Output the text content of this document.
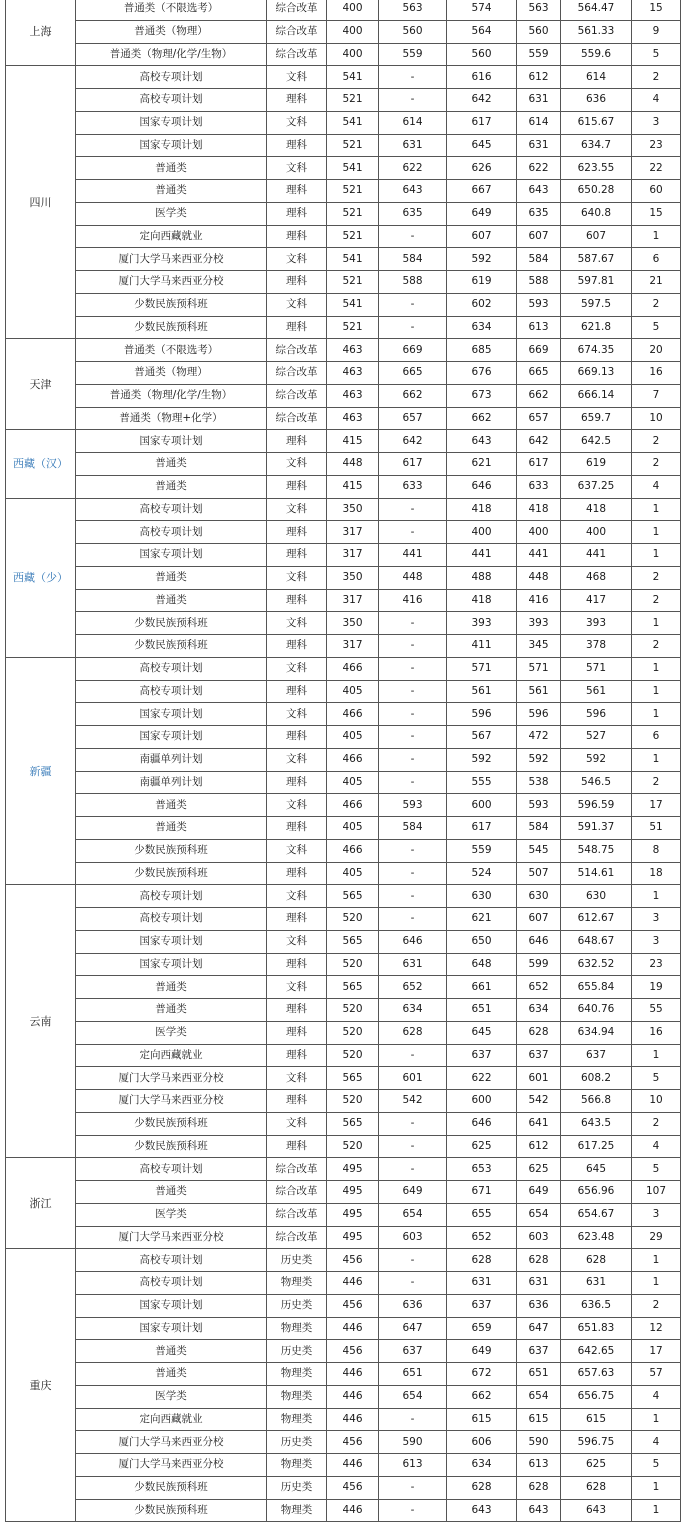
上海	普通类（不限选考）	综合改革	400	563	574	563	564.47	15
	普通类（物理）	综合改革	400	560	564	560	561.33	9
	普通类（物理/化学/生物）	综合改革	400	559	560	559	559.6	5
四川	高校专项计划	文科	541	-	616	612	614	2
	高校专项计划	理科	521	-	642	631	636	4
	国家专项计划	文科	541	614	617	614	615.67	3
	国家专项计划	理科	521	631	645	631	634.7	23
	普通类	文科	541	622	626	622	623.55	22
	普通类	理科	521	643	667	643	650.28	60
	医学类	理科	521	635	649	635	640.8	15
	定向西藏就业	理科	521	-	607	607	607	1
	厦门大学马来西亚分校	文科	541	584	592	584	587.67	6
	厦门大学马来西亚分校	理科	521	588	619	588	597.81	21
	少数民族预科班	文科	541	-	602	593	597.5	2
	少数民族预科班	理科	521	-	634	613	621.8	5
天津	普通类（不限选考）	综合改革	463	669	685	669	674.35	20
	普通类（物理）	综合改革	463	665	676	665	669.13	16
	普通类（物理/化学/生物）	综合改革	463	662	673	662	666.14	7
	普通类（物理+化学）	综合改革	463	657	662	657	659.7	10
西藏（汉）	国家专项计划	理科	415	642	643	642	642.5	2
	普通类	文科	448	617	621	617	619	2
	普通类	理科	415	633	646	633	637.25	4
西藏（少）	高校专项计划	文科	350	-	418	418	418	1
	高校专项计划	理科	317	-	400	400	400	1
	国家专项计划	理科	317	441	441	441	441	1
	普通类	文科	350	448	488	448	468	2
	普通类	理科	317	416	418	416	417	2
	少数民族预科班	文科	350	-	393	393	393	1
	少数民族预科班	理科	317	-	411	345	378	2
新疆	高校专项计划	文科	466	-	571	571	571	1
	高校专项计划	理科	405	-	561	561	561	1
	国家专项计划	文科	466	-	596	596	596	1
	国家专项计划	理科	405	-	567	472	527	6
	南疆单列计划	文科	466	-	592	592	592	1
	南疆单列计划	理科	405	-	555	538	546.5	2
	普通类	文科	466	593	600	593	596.59	17
	普通类	理科	405	584	617	584	591.37	51
	少数民族预科班	文科	466	-	559	545	548.75	8
	少数民族预科班	理科	405	-	524	507	514.61	18
云南	高校专项计划	文科	565	-	630	630	630	1
	高校专项计划	理科	520	-	621	607	612.67	3
	国家专项计划	文科	565	646	650	646	648.67	3
	国家专项计划	理科	520	631	648	599	632.52	23
	普通类	文科	565	652	661	652	655.84	19
	普通类	理科	520	634	651	634	640.76	55
	医学类	理科	520	628	645	628	634.94	16
	定向西藏就业	理科	520	-	637	637	637	1
	厦门大学马来西亚分校	文科	565	601	622	601	608.2	5
	厦门大学马来西亚分校	理科	520	542	600	542	566.8	10
	少数民族预科班	文科	565	-	646	641	643.5	2
	少数民族预科班	理科	520	-	625	612	617.25	4
浙江	高校专项计划	综合改革	495	-	653	625	645	5
	普通类	综合改革	495	649	671	649	656.96	107
	医学类	综合改革	495	654	655	654	654.67	3
	厦门大学马来西亚分校	综合改革	495	603	652	603	623.48	29
重庆	高校专项计划	历史类	456	-	628	628	628	1
	高校专项计划	物理类	446	-	631	631	631	1
	国家专项计划	历史类	456	636	637	636	636.5	2
	国家专项计划	物理类	446	647	659	647	651.83	12
	普通类	历史类	456	637	649	637	642.65	17
	普通类	物理类	446	651	672	651	657.63	57
	医学类	物理类	446	654	662	654	656.75	4
	定向西藏就业	物理类	446	-	615	615	615	1
	厦门大学马来西亚分校	历史类	456	590	606	590	596.75	4
	厦门大学马来西亚分校	物理类	446	613	634	613	625	5
	少数民族预科班	历史类	456	-	628	628	628	1
	少数民族预科班	物理类	446	-	643	643	643	1
